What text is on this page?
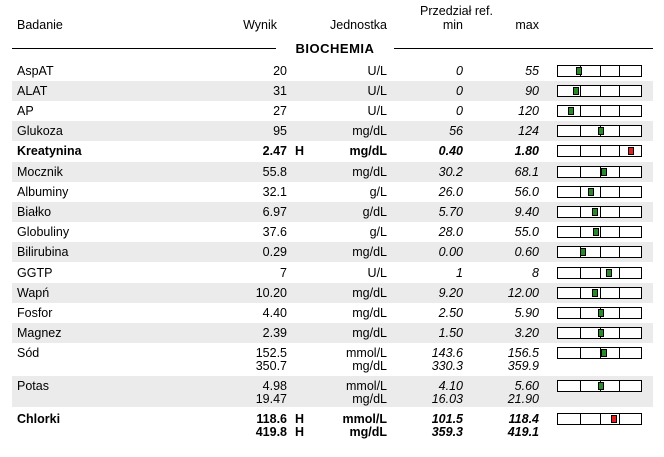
Badanie	Wynik	Jednostka
Przedział ref.
min	max
BIOCHEMIA
AspAT	20	U/L	0	55
ALAT	31	U/L	0	90
AP	27	U/L	0	120
Glukoza	95	mg/dL	56	124
Kreatynina	2.47 H	mg/dL	0.40	1.80
Mocznik	55.8	mg/dL	30.2	68.1
Albuminy	32.1	g/L	26.0	56.0
Białko	6.97	g/dL	5.70	9.40
Globuliny	37.6	g/L	28.0	55.0
Bilirubina	0.29	mg/dL	0.00	0.60
GGTP	7	U/L	1	8
Wapń	10.20	mg/dL	9.20	12.00
Fosfor	4.40	mg/dL	2.50	5.90
Magnez	2.39	mg/dL	1.50	3.20
Sód	152.5	mmol/L	143.6	156.5
350.7	mg/dL	330.3	359.9
Potas	4.98	mmol/L	4.10	5.60
19.47	mg/dL	16.03	21.90
Chlorki	118.6 H	mmol/L	101.5	118.4
419.8 H	mg/dL	359.3	419.1
